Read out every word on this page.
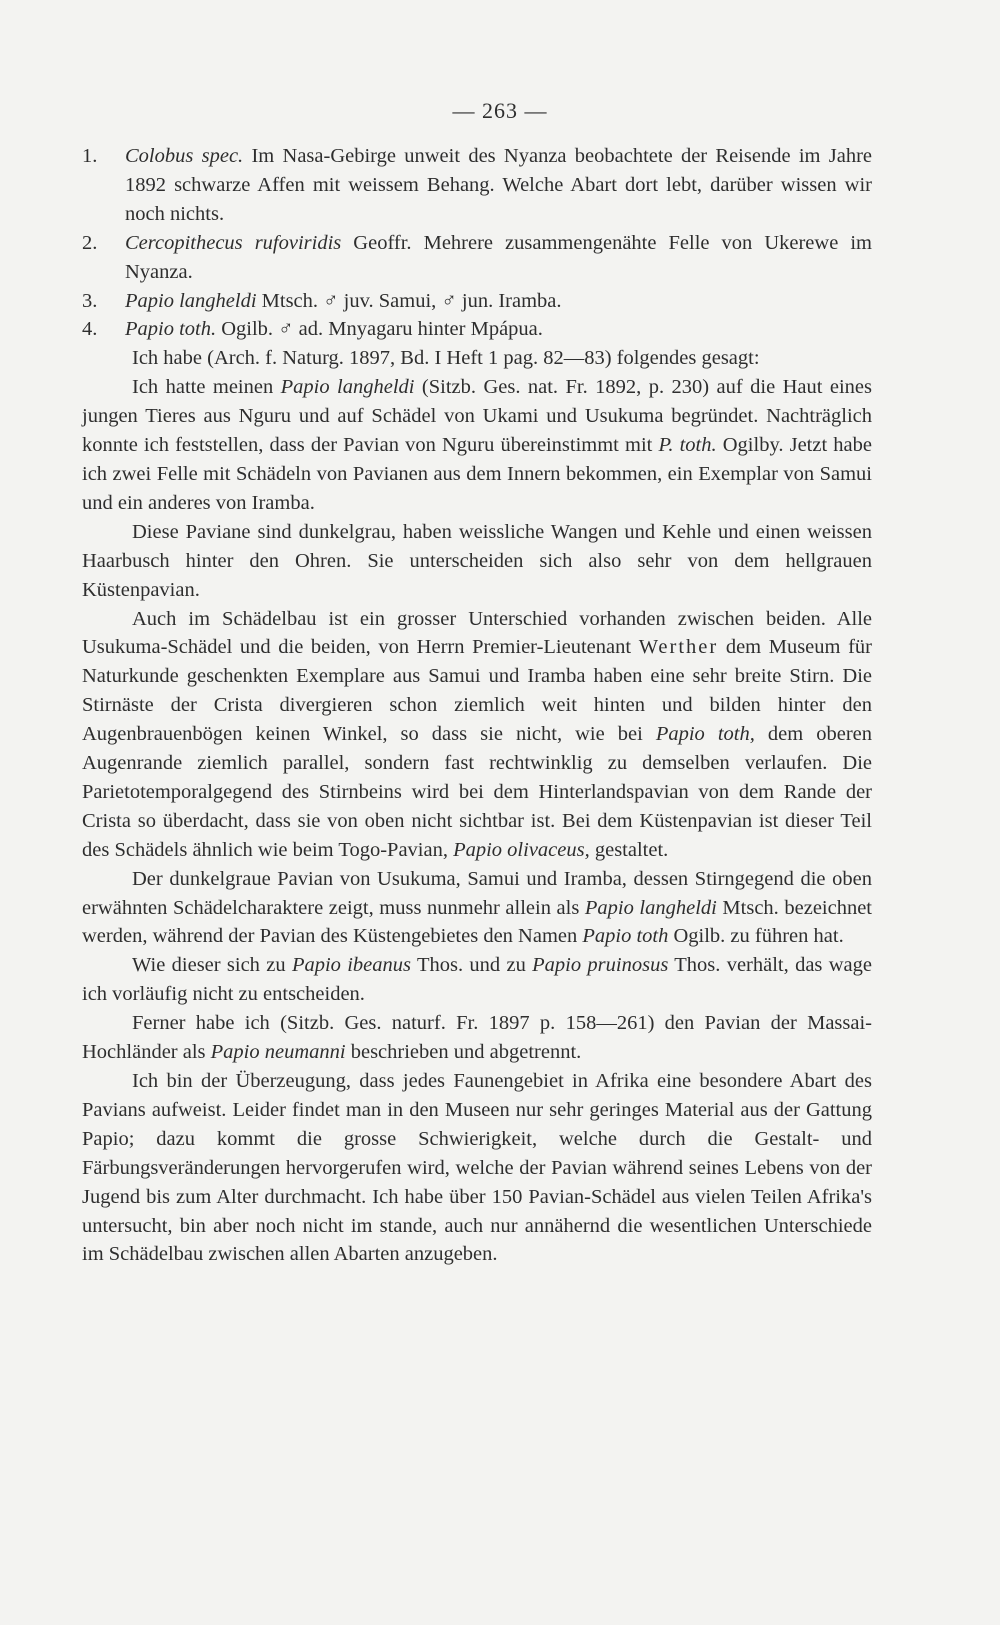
— 263 —

1. Colobus spec. Im Nasa-Gebirge unweit des Nyanza beobachtete der Reisende im Jahre 1892 schwarze Affen mit weissem Behang. Welche Abart dort lebt, darüber wissen wir noch nichts.

2. Cercopithecus rufoviridis Geoffr. Mehrere zusammengenähte Felle von Ukerewe im Nyanza.

3. Papio langheldi Mtsch. ♂ juv. Samui, ♂ jun. Iramba.

4. Papio toth. Ogilb. ♂ ad. Mnyagaru hinter Mpápua.

Ich habe (Arch. f. Naturg. 1897, Bd. I Heft 1 pag. 82—83) folgendes gesagt:

Ich hatte meinen Papio langheldi (Sitzb. Ges. nat. Fr. 1892, p. 230) auf die Haut eines jungen Tieres aus Nguru und auf Schädel von Ukami und Usukuma begründet. Nachträglich konnte ich feststellen, dass der Pavian von Nguru übereinstimmt mit P. toth. Ogilby. Jetzt habe ich zwei Felle mit Schädeln von Pavianen aus dem Innern bekommen, ein Exemplar von Samui und ein anderes von Iramba.

Diese Paviane sind dunkelgrau, haben weissliche Wangen und Kehle und einen weissen Haarbusch hinter den Ohren. Sie unterscheiden sich also sehr von dem hellgrauen Küstenpavian.

Auch im Schädelbau ist ein grosser Unterschied vorhanden zwischen beiden. Alle Usukuma-Schädel und die beiden, von Herrn Premier-Lieutenant Werther dem Museum für Naturkunde geschenkten Exemplare aus Samui und Iramba haben eine sehr breite Stirn. Die Stirnäste der Crista divergieren schon ziemlich weit hinten und bilden hinter den Augenbrauenbögen keinen Winkel, so dass sie nicht, wie bei Papio toth, dem oberen Augenrande ziemlich parallel, sondern fast rechtwinklig zu demselben verlaufen. Die Parietotemporalgegend des Stirnbeins wird bei dem Hinterlandspavian von dem Rande der Crista so überdacht, dass sie von oben nicht sichtbar ist. Bei dem Küstenpavian ist dieser Teil des Schädels ähnlich wie beim Togo-Pavian, Papio olivaceus, gestaltet.

Der dunkelgraue Pavian von Usukuma, Samui und Iramba, dessen Stirngegend die oben erwähnten Schädelcharaktere zeigt, muss nunmehr allein als Papio langheldi Mtsch. bezeichnet werden, während der Pavian des Küstengebietes den Namen Papio toth Ogilb. zu führen hat.

Wie dieser sich zu Papio ibeanus Thos. und zu Papio pruinosus Thos. verhält, das wage ich vorläufig nicht zu entscheiden.

Ferner habe ich (Sitzb. Ges. naturf. Fr. 1897 p. 158—261) den Pavian der Massai-Hochländer als Papio neumanni beschrieben und abgetrennt.

Ich bin der Überzeugung, dass jedes Faunengebiet in Afrika eine besondere Abart des Pavians aufweist. Leider findet man in den Museen nur sehr geringes Material aus der Gattung Papio; dazu kommt die grosse Schwierigkeit, welche durch die Gestalt- und Färbungsveränderungen hervorgerufen wird, welche der Pavian während seines Lebens von der Jugend bis zum Alter durchmacht. Ich habe über 150 Pavian-Schädel aus vielen Teilen Afrika's untersucht, bin aber noch nicht im stande, auch nur annähernd die wesentlichen Unterschiede im Schädelbau zwischen allen Abarten anzugeben.
